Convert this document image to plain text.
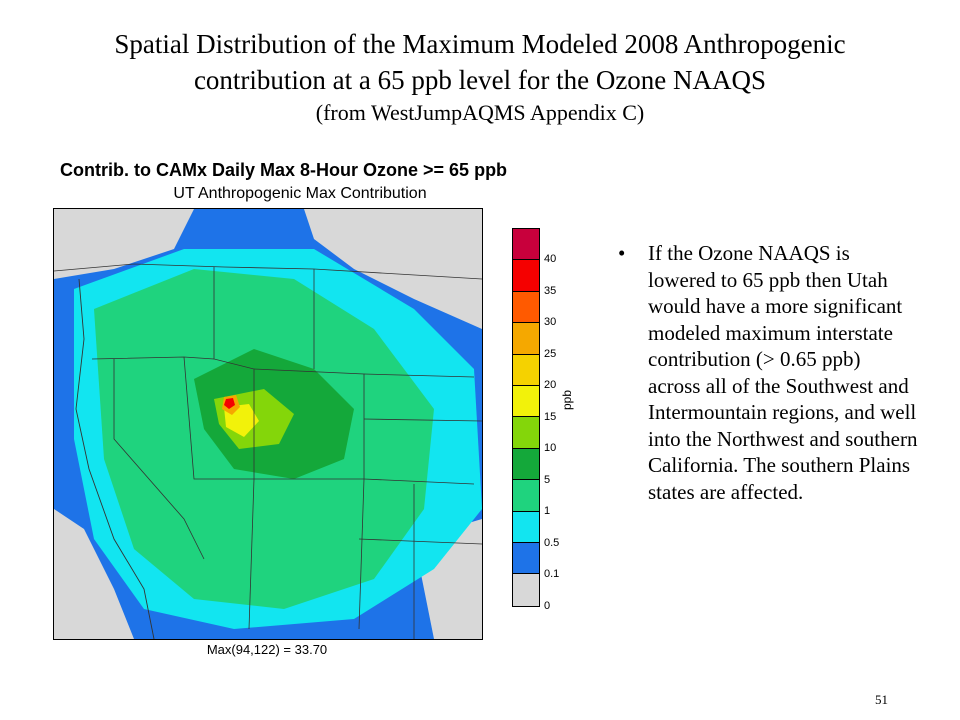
Spatial Distribution of the Maximum Modeled 2008 Anthropogenic
contribution at a 65 ppb level for the Ozone NAAQS
(from WestJumpAQMS Appendix C)
Contrib. to CAMx Daily Max 8-Hour Ozone >= 65 ppb
UT Anthropogenic Max Contribution
Max(94,122) = 33.70
40
35
30
25
20
15
10
5
1
0.5
0.1
0
ppb
• If the Ozone NAAQS is lowered to 65 ppb then Utah would have a more significant modeled maximum interstate contribution (> 0.65 ppb) across all of the Southwest and Intermountain regions, and well into the Northwest and southern California. The southern Plains states are affected.
51
